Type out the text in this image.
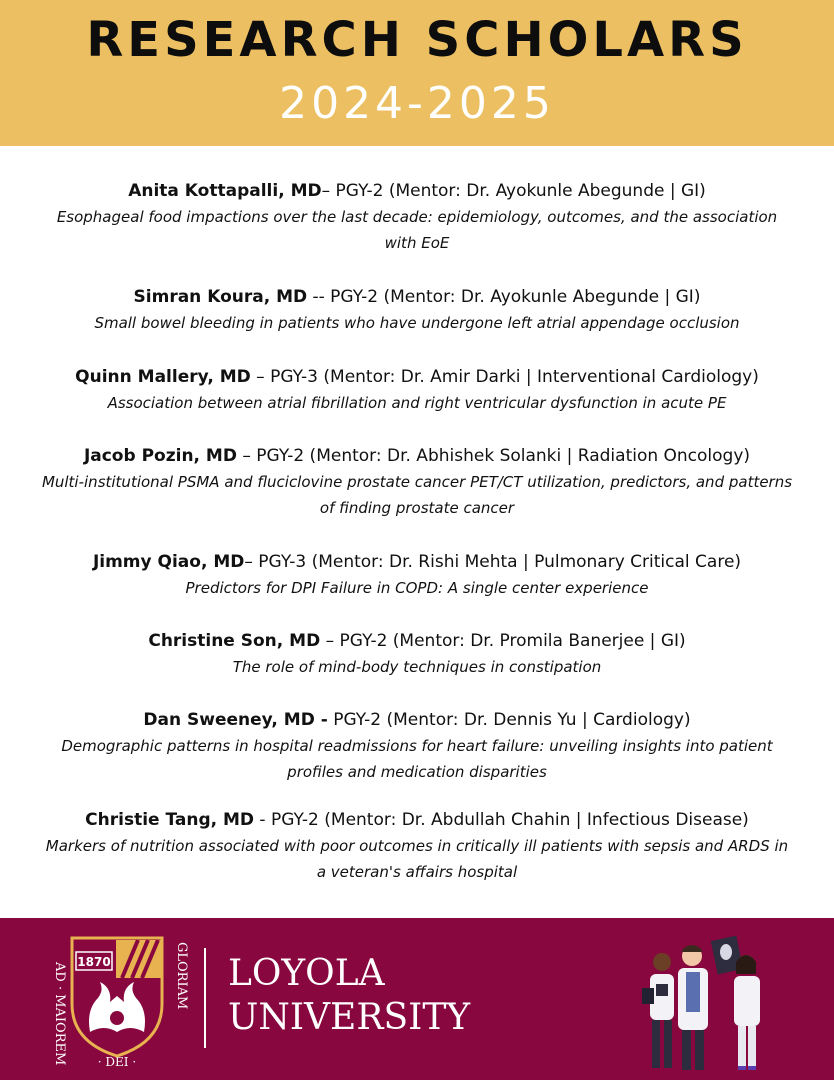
RESEARCH SCHOLARS
2024-2025
Anita Kottapalli, MD– PGY-2 (Mentor: Dr. Ayokunle Abegunde | GI)
Esophageal food impactions over the last decade: epidemiology, outcomes, and the association with EoE
Simran Koura, MD -- PGY-2 (Mentor: Dr. Ayokunle Abegunde | GI)
Small bowel bleeding in patients who have undergone left atrial appendage occlusion
Quinn Mallery, MD – PGY-3 (Mentor: Dr. Amir Darki | Interventional Cardiology)
Association between atrial fibrillation and right ventricular dysfunction in acute PE
Jacob Pozin, MD – PGY-2 (Mentor: Dr. Abhishek Solanki | Radiation Oncology)
Multi-institutional PSMA and fluciclovine prostate cancer PET/CT utilization, predictors, and patterns of finding prostate cancer
Jimmy Qiao, MD– PGY-3 (Mentor: Dr. Rishi Mehta | Pulmonary Critical Care)
Predictors for DPI Failure in COPD: A single center experience
Christine Son, MD – PGY-2 (Mentor: Dr. Promila Banerjee | GI)
The role of mind-body techniques in constipation
Dan Sweeney, MD - PGY-2 (Mentor: Dr. Dennis Yu | Cardiology)
Demographic patterns in hospital readmissions for heart failure: unveiling insights into patient profiles and medication disparities
Christie Tang, MD - PGY-2 (Mentor: Dr. Abdullah Chahin | Infectious Disease)
Markers of nutrition associated with poor outcomes in critically ill patients with sepsis and ARDS in a veteran's affairs hospital
AD · MAIOREM	GLORIAM
· DEI ·
1870	LOYOLA
UNIVERSITY
